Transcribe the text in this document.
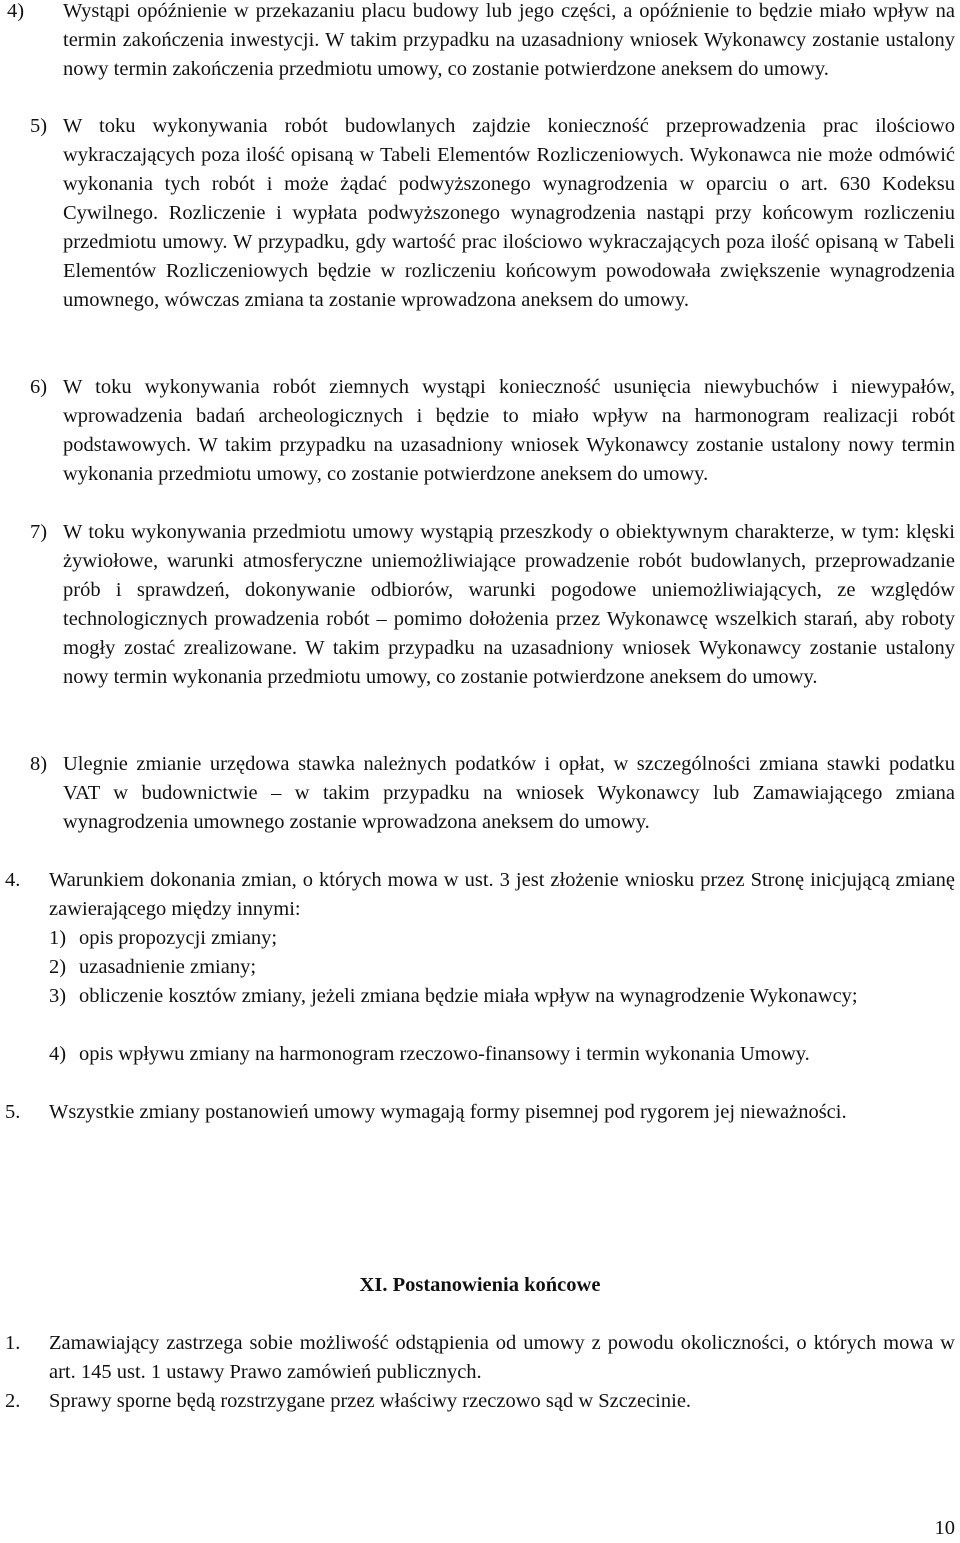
4) Wystąpi opóźnienie w przekazaniu placu budowy lub jego części, a opóźnienie to będzie miało wpływ na termin zakończenia inwestycji. W takim przypadku na uzasadniony wniosek Wykonawcy zostanie ustalony nowy termin zakończenia przedmiotu umowy, co zostanie potwierdzone aneksem do umowy.
5) W toku wykonywania robót budowlanych zajdzie konieczność przeprowadzenia prac ilościowo wykraczających poza ilość opisaną w Tabeli Elementów Rozliczeniowych. Wykonawca nie może odmówić wykonania tych robót i może żądać podwyższonego wynagrodzenia w oparciu o art. 630 Kodeksu Cywilnego. Rozliczenie i wypłata podwyższonego wynagrodzenia nastąpi przy końcowym rozliczeniu przedmiotu umowy. W przypadku, gdy wartość prac ilościowo wykraczających poza ilość opisaną w Tabeli Elementów Rozliczeniowych będzie w rozliczeniu końcowym powodowała zwiększenie wynagrodzenia umownego, wówczas zmiana ta zostanie wprowadzona aneksem do umowy.
6) W toku wykonywania robót ziemnych wystąpi konieczność usunięcia niewybuchów i niewypałów, wprowadzenia badań archeologicznych i będzie to miało wpływ na harmonogram realizacji robót podstawowych. W takim przypadku na uzasadniony wniosek Wykonawcy zostanie ustalony nowy termin wykonania przedmiotu umowy, co zostanie potwierdzone aneksem do umowy.
7) W toku wykonywania przedmiotu umowy wystąpią przeszkody o obiektywnym charakterze, w tym: klęski żywiołowe, warunki atmosferyczne uniemożliwiające prowadzenie robót budowlanych, przeprowadzanie prób i sprawdzeń, dokonywanie odbiorów, warunki pogodowe uniemożliwiających, ze względów technologicznych prowadzenia robót – pomimo dołożenia przez Wykonawcę wszelkich starań, aby roboty mogły zostać zrealizowane. W takim przypadku na uzasadniony wniosek Wykonawcy zostanie ustalony nowy termin wykonania przedmiotu umowy, co zostanie potwierdzone aneksem do umowy.
8) Ulegnie zmianie urzędowa stawka należnych podatków i opłat, w szczególności zmiana stawki podatku VAT w budownictwie – w takim przypadku na wniosek Wykonawcy lub Zamawiającego zmiana wynagrodzenia umownego zostanie wprowadzona aneksem do umowy.
4. Warunkiem dokonania zmian, o których mowa w ust. 3 jest złożenie wniosku przez Stronę inicjującą zmianę zawierającego między innymi:
1) opis propozycji zmiany;
2) uzasadnienie zmiany;
3) obliczenie kosztów zmiany, jeżeli zmiana będzie miała wpływ na wynagrodzenie Wykonawcy;
4) opis wpływu zmiany na harmonogram rzeczowo-finansowy i termin wykonania Umowy.
5. Wszystkie zmiany postanowień umowy wymagają formy pisemnej pod rygorem jej nieważności.
XI. Postanowienia końcowe
1. Zamawiający zastrzega sobie możliwość odstąpienia od umowy z powodu okoliczności, o których mowa w art. 145 ust. 1 ustawy Prawo zamówień publicznych.
2. Sprawy sporne będą rozstrzygane przez właściwy rzeczowo sąd w Szczecinie.
10
